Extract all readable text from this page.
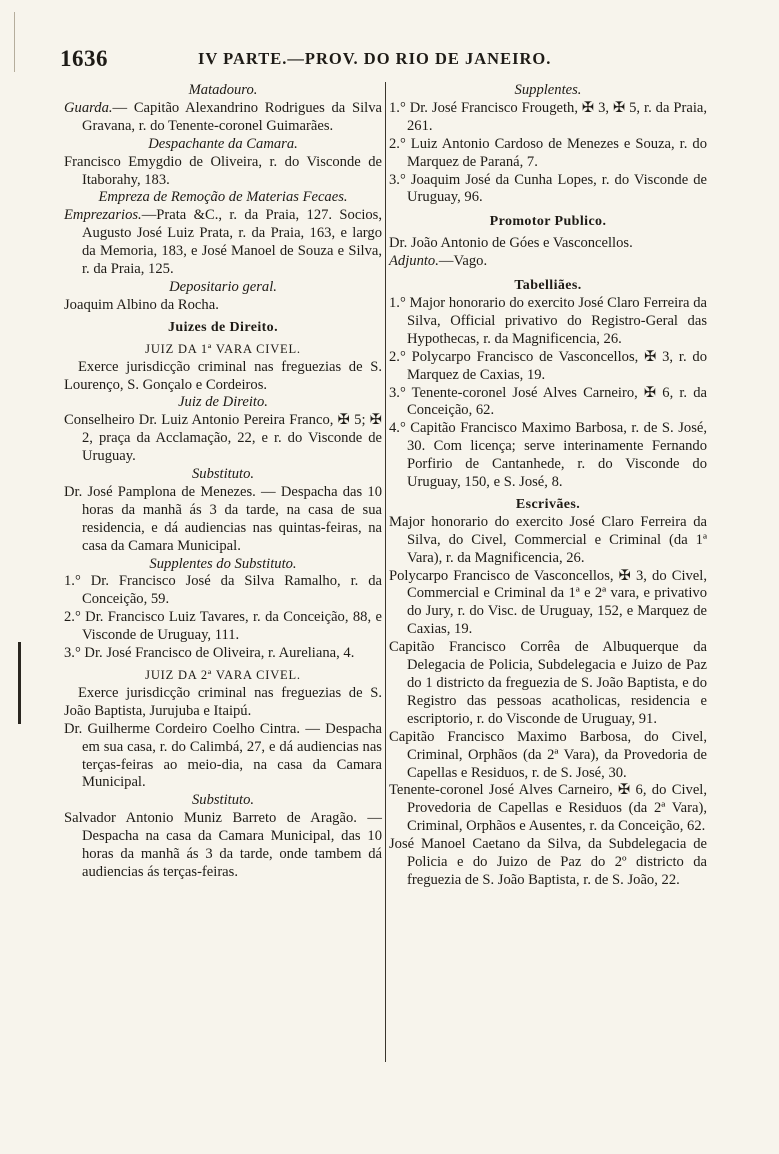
1636	IV PARTE.—PROV. DO RIO DE JANEIRO.

Matadouro.

Guarda.— Capitão Alexandrino Rodrigues da Silva Gravana, r. do Tenente-coronel Guimarães.

Despachante da Camara.

Francisco Emygdio de Oliveira, r. do Visconde de Itaborahy, 183.

Empreza de Remoção de Materias Fecaes.

Emprezarios.—Prata &C., r. da Praia, 127. Socios, Augusto José Luiz Prata, r. da Praia, 163, e largo da Memoria, 183, e José Manoel de Souza e Silva, r. da Praia, 125.

Depositario geral.

Joaquim Albino da Rocha.

Juizes de Direito.

JUIZ DA 1ª VARA CIVEL.

Exerce jurisdicção criminal nas freguezias de S. Lourenço, S. Gonçalo e Cordeiros.

Juiz de Direito.

Conselheiro Dr. Luiz Antonio Pereira Franco, ✠ 5; ✠ 2, praça da Acclamação, 22, e r. do Visconde de Uruguay.

Substituto.

Dr. José Pamplona de Menezes. — Despacha das 10 horas da manhã ás 3 da tarde, na casa de sua residencia, e dá audiencias nas quintas-feiras, na casa da Camara Municipal.

Supplentes do Substituto.

1.° Dr. Francisco José da Silva Ramalho, r. da Conceição, 59.

2.° Dr. Francisco Luiz Tavares, r. da Conceição, 88, e Visconde de Uruguay, 111.

3.° Dr. José Francisco de Oliveira, r. Aureliana, 4.

JUIZ DA 2ª VARA CIVEL.

Exerce jurisdicção criminal nas freguezias de S. João Baptista, Jurujuba e Itaipú.

Dr. Guilherme Cordeiro Coelho Cintra. — Despacha em sua casa, r. do Calimbá, 27, e dá audiencias nas terças-feiras ao meio-dia, na casa da Camara Municipal.

Substituto.

Salvador Antonio Muniz Barreto de Aragão. —Despacha na casa da Camara Municipal, das 10 horas da manhã ás 3 da tarde, onde tambem dá audiencias ás terças-feiras.

Supplentes.

1.° Dr. José Francisco Frougeth, ✠ 3, ✠ 5, r. da Praia, 261.

2.° Luiz Antonio Cardoso de Menezes e Souza, r. do Marquez de Paraná, 7.

3.° Joaquim José da Cunha Lopes, r. do Visconde de Uruguay, 96.

Promotor Publico.

Dr. João Antonio de Góes e Vasconcellos.

Adjunto.—Vago.

Tabelliães.

1.° Major honorario do exercito José Claro Ferreira da Silva, Official privativo do Registro-Geral das Hypothecas, r. da Magnificencia, 26.

2.° Polycarpo Francisco de Vasconcellos, ✠ 3, r. do Marquez de Caxias, 19.

3.° Tenente-coronel José Alves Carneiro, ✠ 6, r. da Conceição, 62.

4.° Capitão Francisco Maximo Barbosa, r. de S. José, 30. Com licença; serve interinamente Fernando Porfirio de Cantanhede, r. do Visconde do Uruguay, 150, e S. José, 8.

Escrivães.

Major honorario do exercito José Claro Ferreira da Silva, do Civel, Commercial e Criminal (da 1ª Vara), r. da Magnificencia, 26.

Polycarpo Francisco de Vasconcellos, ✠ 3, do Civel, Commercial e Criminal da 1ª e 2ª vara, e privativo do Jury, r. do Visc. de Uruguay, 152, e Marquez de Caxias, 19.

Capitão Francisco Corrêa de Albuquerque da Delegacia de Policia, Subdelegacia e Juizo de Paz do 1 districto da freguezia de S. João Baptista, e do Registro das pessoas acatholicas, residencia e escriptorio, r. do Visconde de Uruguay, 91.

Capitão Francisco Maximo Barbosa, do Civel, Criminal, Orphãos (da 2ª Vara), da Provedoria de Capellas e Residuos, r. de S. José, 30.

Tenente-coronel José Alves Carneiro, ✠ 6, do Civel, Provedoria de Capellas e Residuos (da 2ª Vara), Criminal, Orphãos e Ausentes, r. da Conceição, 62.

José Manoel Caetano da Silva, da Subdelegacia de Policia e do Juizo de Paz do 2º districto da freguezia de S. João Baptista, r. de S. João, 22.
